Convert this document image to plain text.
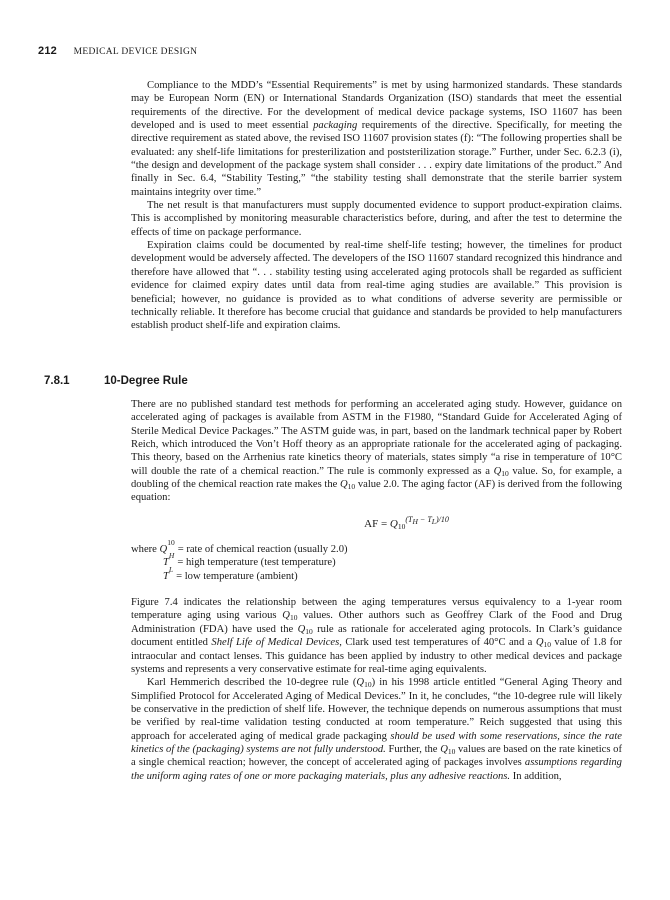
212 MEDICAL DEVICE DESIGN

Compliance to the MDD’s “Essential Requirements” is met by using harmonized standards. These standards may be European Norm (EN) or International Standards Organization (ISO) standards that meet the essential requirements of the directive. For the development of medical device package systems, ISO 11607 has been developed and is used to meet essential packaging requirements of the directive. Specifically, for meeting the directive requirement as stated above, the revised ISO 11607 provision states (f): “The following properties shall be evaluated: any shelf-life limitations for presterilization and poststerilization storage.” Further, under Sec. 6.2.3 (i), “the design and development of the package system shall consider . . . expiry date limitations of the product.” And finally in Sec. 6.4, “Stability Testing,” “the stability testing shall demonstrate that the sterile barrier system maintains integrity over time.”

The net result is that manufacturers must supply documented evidence to support product-expiration claims. This is accomplished by monitoring measurable characteristics before, during, and after the test to determine the effects of time on package performance.

Expiration claims could be documented by real-time shelf-life testing; however, the timelines for product development would be adversely affected. The developers of the ISO 11607 standard recognized this hindrance and therefore have allowed that “. . . stability testing using accelerated aging protocols shall be regarded as sufficient evidence for claimed expiry dates until data from real-time aging studies are available.” This provision is beneficial; however, no guidance is provided as to what conditions of adverse severity are permissible or technically reliable. It therefore has become crucial that guidance and standards be provided to help manufacturers establish product shelf-life and expiration claims.

7.8.1	10-Degree Rule

There are no published standard test methods for performing an accelerated aging study. However, guidance on accelerated aging of packages is available from ASTM in the F1980, “Standard Guide for Accelerated Aging of Sterile Medical Device Packages.” The ASTM guide was, in part, based on the landmark technical paper by Robert Reich, which introduced the Von’t Hoff theory as an appropriate rationale for the accelerated aging of packaging. This theory, based on the Arrhenius rate kinetics theory of materials, states simply “a rise in temperature of 10°C will double the rate of a chemical reaction.” The rule is commonly expressed as a $Q_{10}$ value. So, for example, a doubling of the chemical reaction rate makes the $Q_{10}$ value 2.0. The aging factor (AF) is derived from the following equation:

AF = $Q_{10}^{(T_H - T_L)/10}$
where
Q
10
= rate of chemical reaction (usually 2.0)
T
H
= high temperature (test temperature)
T
L
= low temperature (ambient)

Figure 7.4 indicates the relationship between the aging temperatures versus equivalency to a 1-year room temperature aging using various $Q_{10}$ values. Other authors such as Geoffrey Clark of the Food and Drug Administration (FDA) have used the $Q_{10}$ rule as rationale for accelerated aging protocols. In Clark’s guidance document entitled Shelf Life of Medical Devices, Clark used test temperatures of 40°C and a $Q_{10}$ value of 1.8 for intraocular and contact lenses. This guidance has been applied by industry to other medical devices and package systems and represents a very conservative estimate for real-time aging equivalents.

Karl Hemmerich described the 10-degree rule $(Q_{10})$ in his 1998 article entitled “General Aging Theory and Simplified Protocol for Accelerated Aging of Medical Devices.” In it, he concludes, “the 10-degree rule will likely be conservative in the prediction of shelf life. However, the technique depends on numerous assumptions that must be verified by real-time validation testing conducted at room temperature.” Reich suggested that using this approach for accelerated aging of medical grade packaging should be used with some reservations, since the rate kinetics of the (packaging) systems are not fully understood. Further, the $Q_{10}$ values are based on the rate kinetics of a single chemical reaction; however, the concept of accelerated aging of packages involves assumptions regarding the uniform aging rates of one or more packaging materials, plus any adhesive reactions. In addition,
